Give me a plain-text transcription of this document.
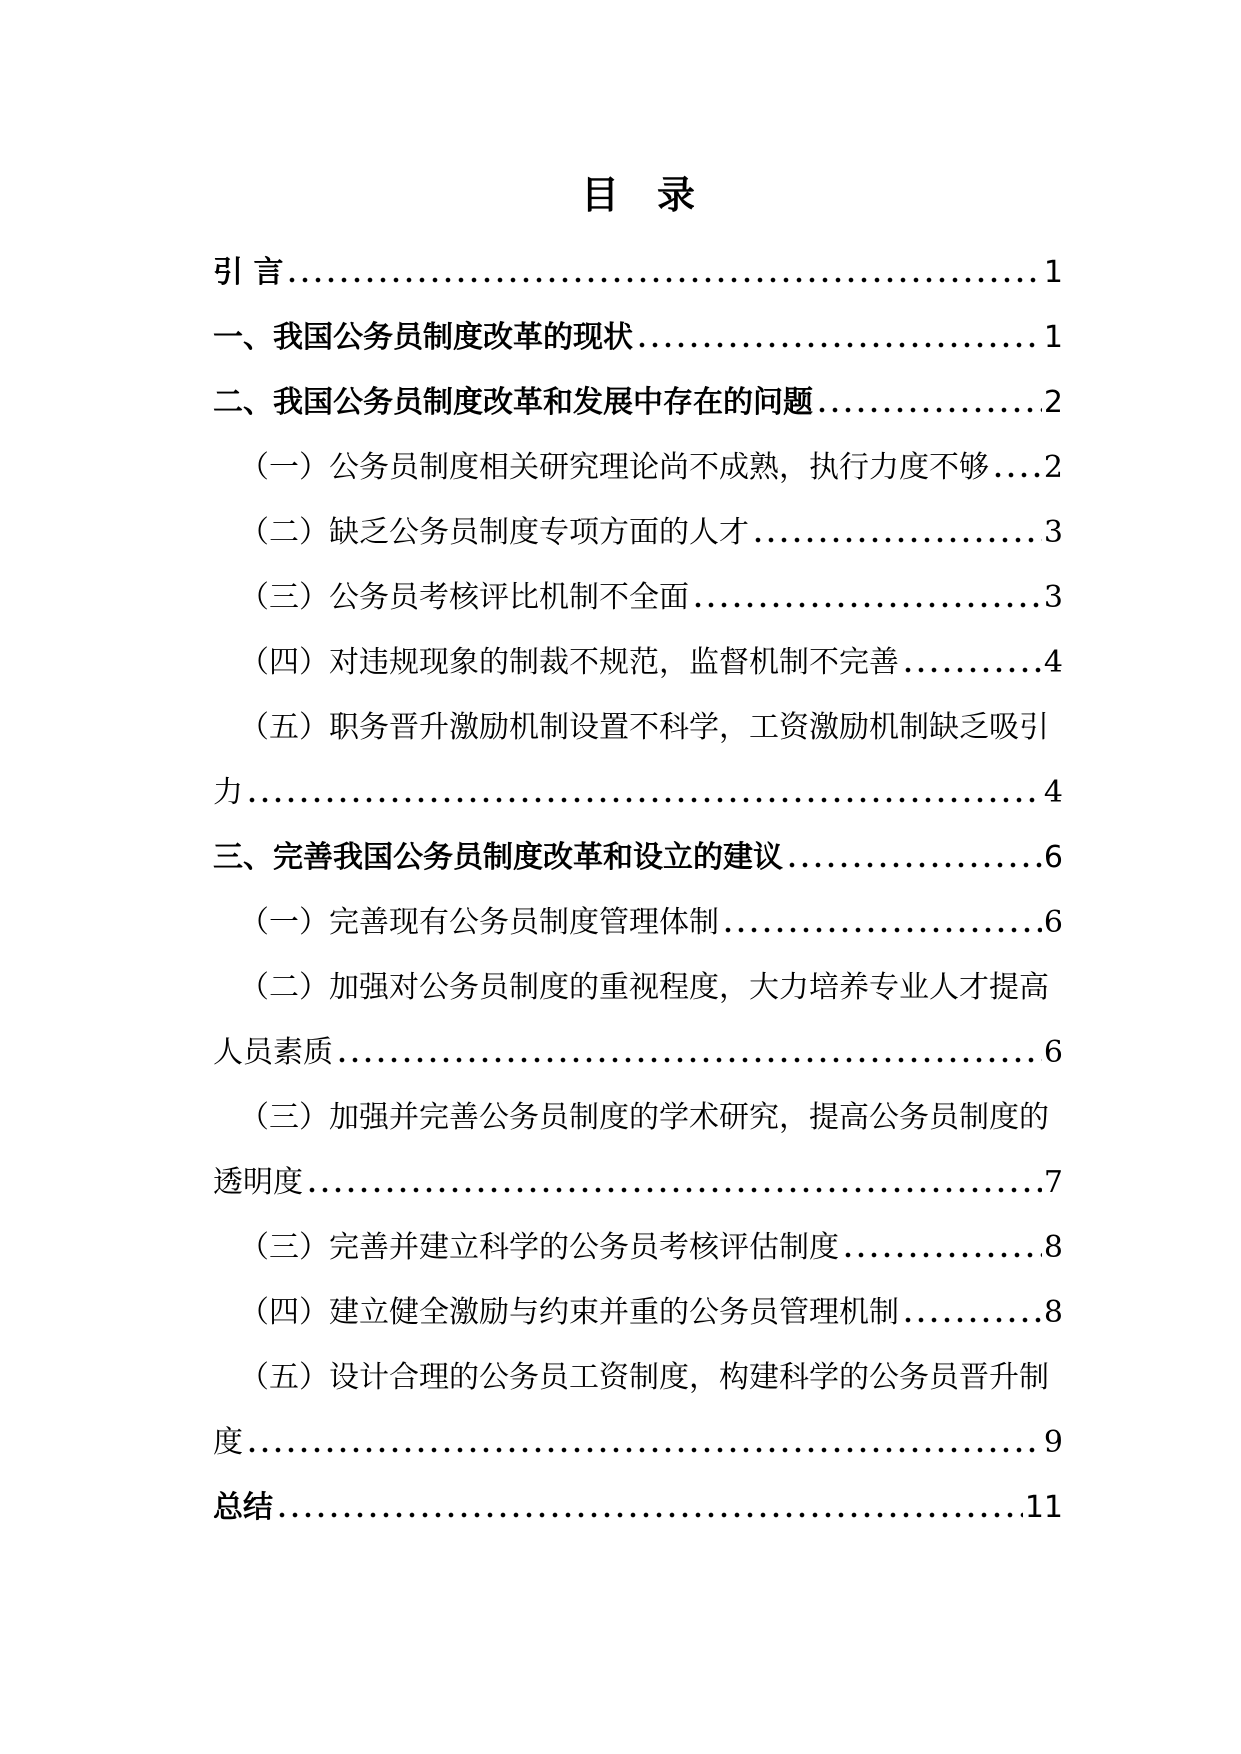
目　录
引 言	1
一、我国公务员制度改革的现状	1
二、我国公务员制度改革和发展中存在的问题	2
（一）公务员制度相关研究理论尚不成熟，执行力度不够 2
（二）缺乏公务员制度专项方面的人才	3
（三）公务员考核评比机制不全面	3
（四）对违规现象的制裁不规范，监督机制不完善	4
（五）职务晋升激励机制设置不科学，工资激励机制缺乏吸引
力	4
三、完善我国公务员制度改革和设立的建议	6
（一）完善现有公务员制度管理体制	6
（二）加强对公务员制度的重视程度，大力培养专业人才提高
人员素质	6
（三）加强并完善公务员制度的学术研究，提高公务员制度的
透明度	7
（三）完善并建立科学的公务员考核评估制度	8
（四）建立健全激励与约束并重的公务员管理机制	8
（五）设计合理的公务员工资制度，构建科学的公务员晋升制
度	9
总结	11
